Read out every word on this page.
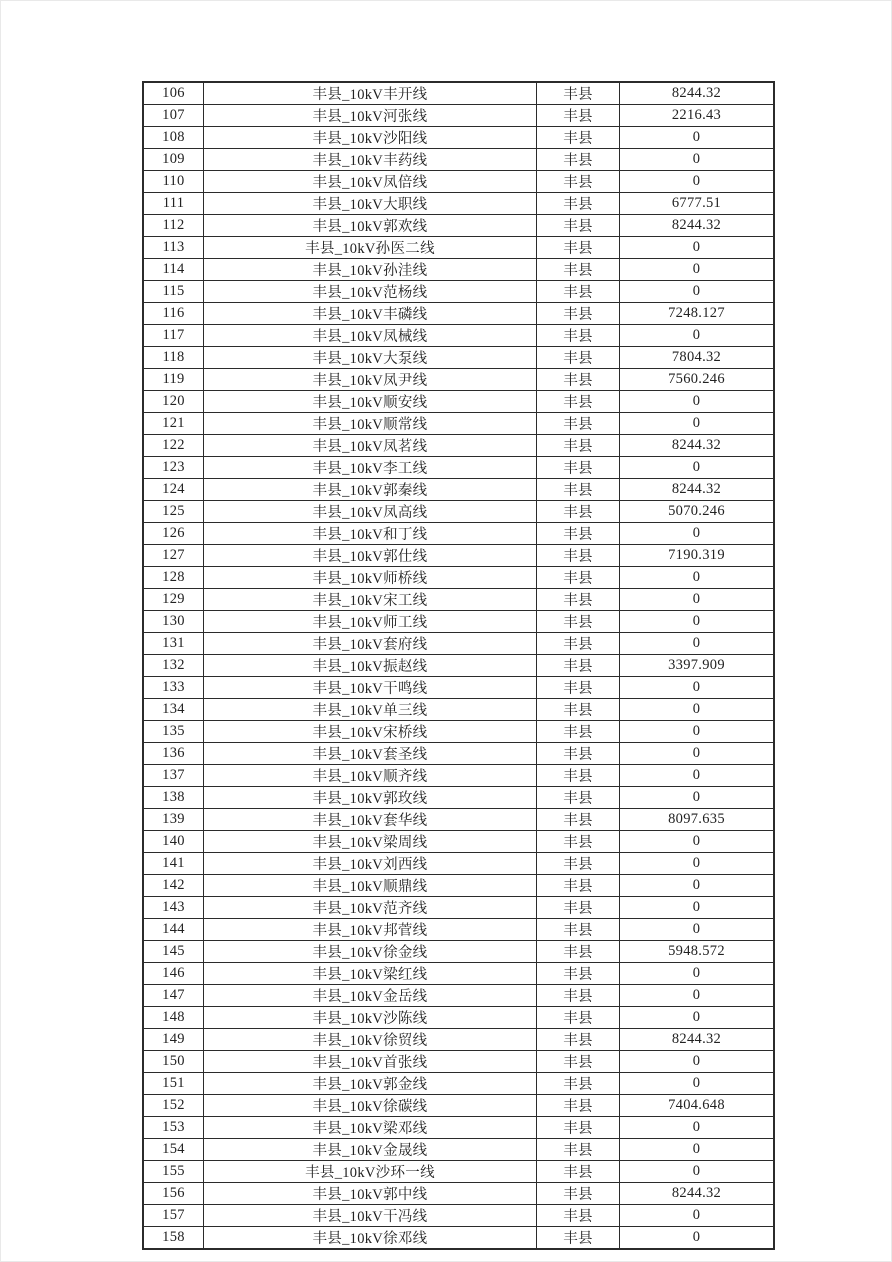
106	丰县_10kV丰开线	丰县	8244.32
107	丰县_10kV河张线	丰县	2216.43
108	丰县_10kV沙阳线	丰县	0
109	丰县_10kV丰药线	丰县	0
110	丰县_10kV凤倍线	丰县	0
111	丰县_10kV大职线	丰县	6777.51
112	丰县_10kV郭欢线	丰县	8244.32
113	丰县_10kV孙医二线	丰县	0
114	丰县_10kV孙洼线	丰县	0
115	丰县_10kV范杨线	丰县	0
116	丰县_10kV丰磷线	丰县	7248.127
117	丰县_10kV凤械线	丰县	0
118	丰县_10kV大泵线	丰县	7804.32
119	丰县_10kV凤尹线	丰县	7560.246
120	丰县_10kV顺安线	丰县	0
121	丰县_10kV顺常线	丰县	0
122	丰县_10kV凤茗线	丰县	8244.32
123	丰县_10kV李工线	丰县	0
124	丰县_10kV郭秦线	丰县	8244.32
125	丰县_10kV凤高线	丰县	5070.246
126	丰县_10kV和丁线	丰县	0
127	丰县_10kV郭仕线	丰县	7190.319
128	丰县_10kV师桥线	丰县	0
129	丰县_10kV宋工线	丰县	0
130	丰县_10kV师工线	丰县	0
131	丰县_10kV套府线	丰县	0
132	丰县_10kV振赵线	丰县	3397.909
133	丰县_10kV干鸣线	丰县	0
134	丰县_10kV单三线	丰县	0
135	丰县_10kV宋桥线	丰县	0
136	丰县_10kV套圣线	丰县	0
137	丰县_10kV顺齐线	丰县	0
138	丰县_10kV郭玫线	丰县	0
139	丰县_10kV套华线	丰县	8097.635
140	丰县_10kV梁周线	丰县	0
141	丰县_10kV刘西线	丰县	0
142	丰县_10kV顺鼎线	丰县	0
143	丰县_10kV范齐线	丰县	0
144	丰县_10kV邦菅线	丰县	0
145	丰县_10kV徐金线	丰县	5948.572
146	丰县_10kV梁红线	丰县	0
147	丰县_10kV金岳线	丰县	0
148	丰县_10kV沙陈线	丰县	0
149	丰县_10kV徐贸线	丰县	8244.32
150	丰县_10kV首张线	丰县	0
151	丰县_10kV郭金线	丰县	0
152	丰县_10kV徐碳线	丰县	7404.648
153	丰县_10kV梁邓线	丰县	0
154	丰县_10kV金晟线	丰县	0
155	丰县_10kV沙环一线	丰县	0
156	丰县_10kV郭中线	丰县	8244.32
157	丰县_10kV干冯线	丰县	0
158	丰县_10kV徐邓线	丰县	0
